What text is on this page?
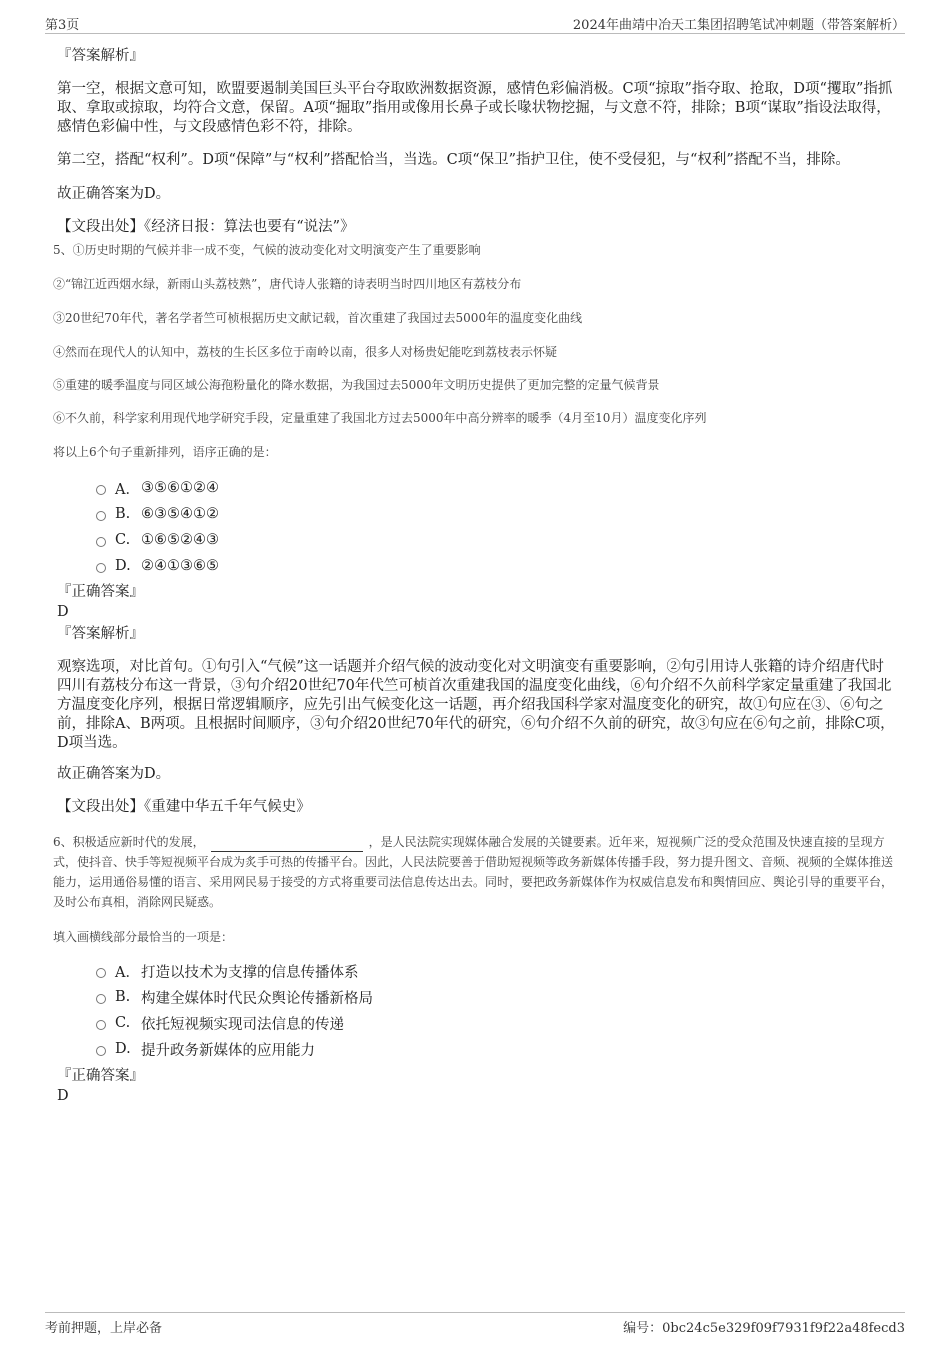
第3页	2024年曲靖中冶天工集团招聘笔试冲刺题（带答案解析）
『答案解析』
第一空，根据文意可知，欧盟要遏制美国巨头平台夺取欧洲数据资源，感情色彩偏消极。C项“掠取”指夺取、抢取，D项“攫取”指抓取、拿取或掠取，均符合文意，保留。A项“掘取”指用或像用长鼻子或长喙状物挖掘，与文意不符，排除；B项“谋取”指设法取得，感情色彩偏中性，与文段感情色彩不符，排除。
第二空，搭配“权利”。D项“保障”与“权利”搭配恰当，当选。C项“保卫”指护卫住，使不受侵犯，与“权利”搭配不当，排除。
故正确答案为D。
【文段出处】《经济日报：算法也要有“说法”》
5、①历史时期的气候并非一成不变，气候的波动变化对文明演变产生了重要影响
②“锦江近西烟水绿，新雨山头荔枝熟”，唐代诗人张籍的诗表明当时四川地区有荔枝分布
③20世纪70年代，著名学者竺可桢根据历史文献记载，首次重建了我国过去5000年的温度变化曲线
④然而在现代人的认知中，荔枝的生长区多位于南岭以南，很多人对杨贵妃能吃到荔枝表示怀疑
⑤重建的暖季温度与同区域公海孢粉量化的降水数据，为我国过去5000年文明历史提供了更加完整的定量气候背景
⑥不久前，科学家利用现代地学研究手段，定量重建了我国北方过去5000年中高分辨率的暖季（4月至10月）温度变化序列
将以上6个句子重新排列，语序正确的是：
A． ③⑤⑥①②④
B. ⑥③⑤④①②
C. ①⑥⑤②④③
D. ②④①③⑥⑤
『正确答案』
D
『答案解析』
观察选项，对比首句。①句引入“气候”这一话题并介绍气候的波动变化对文明演变有重要影响，②句引用诗人张籍的诗介绍唐代时四川有荔枝分布这一背景，③句介绍20世纪70年代竺可桢首次重建我国的温度变化曲线，⑥句介绍不久前科学家定量重建了我国北方温度变化序列，根据日常逻辑顺序，应先引出气候变化这一话题，再介绍我国科学家对温度变化的研究，故①句应在③、⑥句之前，排除A、B两项。且根据时间顺序，③句介绍20世纪70年代的研究，⑥句介绍不久前的研究，故③句应在⑥句之前，排除C项，D项当选。
故正确答案为D。
【文段出处】《重建中华五千年气候史》
6、积极适应新时代的发展，	，是人民法院实现媒体融合发展的关键要素。近年来，短视频广泛的受众范围及快速直接的呈现方式，使抖音、快手等短视频平台成为炙手可热的传播平台。因此，人民法院要善于借助短视频等政务新媒体传播手段，努力提升图文、音频、视频的全媒体推送能力，运用通俗易懂的语言、采用网民易于接受的方式将重要司法信息传达出去。同时，要把政务新媒体作为权威信息发布和舆情回应、舆论引导的重要平台，及时公布真相，消除网民疑惑。
填入画横线部分最恰当的一项是：
A． 打造以技术为支撑的信息传播体系
B. 构建全媒体时代民众舆论传播新格局
C. 依托短视频实现司法信息的传递
D. 提升政务新媒体的应用能力
『正确答案』
D
考前押题，上岸必备	编号：0bc24c5e329f09f7931f9f22a48fecd3
